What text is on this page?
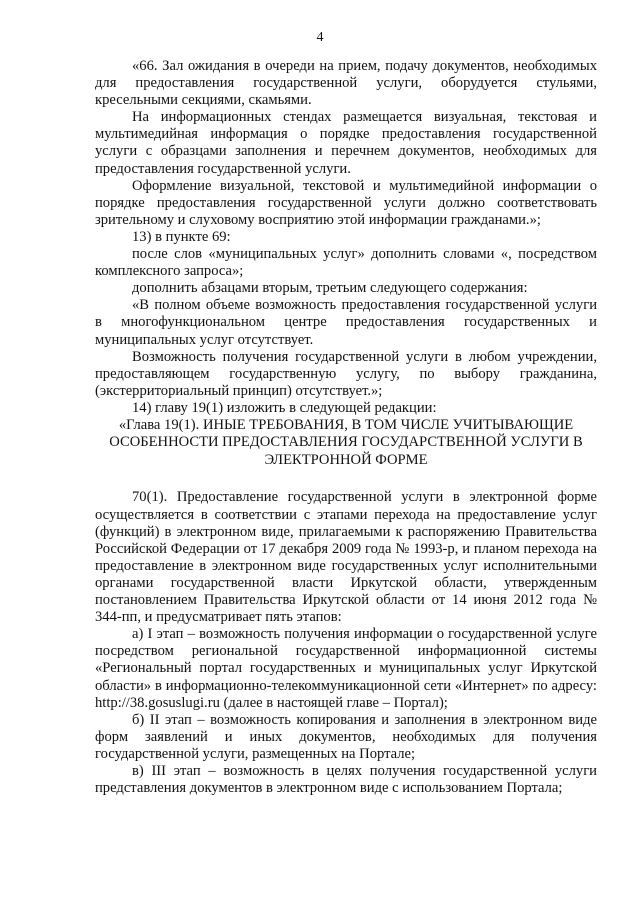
4

«66. Зал ожидания в очереди на прием, подачу документов, необходимых для предоставления государственной услуги, оборудуется стульями, кресельными секциями, скамьями.

На информационных стендах размещается визуальная, текстовая и мультимедийная информация о порядке предоставления государственной услуги с образцами заполнения и перечнем документов, необходимых для предоставления государственной услуги.

Оформление визуальной, текстовой и мультимедийной информации о порядке предоставления государственной услуги должно соответствовать зрительному и слуховому восприятию этой информации гражданами.»;

13) в пункте 69:

после слов «муниципальных услуг» дополнить словами «, посредством комплексного запроса»;

дополнить абзацами вторым, третьим следующего содержания:

«В полном объеме возможность предоставления государственной услуги в многофункциональном центре предоставления государственных и муниципальных услуг отсутствует.

Возможность получения государственной услуги в любом учреждении, предоставляющем государственную услугу, по выбору гражданина, (экстерриториальный принцип) отсутствует.»;

14) главу 19(1) изложить в следующей редакции:

«Глава 19(1). ИНЫЕ ТРЕБОВАНИЯ, В ТОМ ЧИСЛЕ УЧИТЫВАЮЩИЕ ОСОБЕННОСТИ ПРЕДОСТАВЛЕНИЯ ГОСУДАРСТВЕННОЙ УСЛУГИ В ЭЛЕКТРОННОЙ ФОРМЕ

70(1). Предоставление государственной услуги в электронной форме осуществляется в соответствии с этапами перехода на предоставление услуг (функций) в электронном виде, прилагаемыми к распоряжению Правительства Российской Федерации от 17 декабря 2009 года № 1993-р, и планом перехода на предоставление в электронном виде государственных услуг исполнительными органами государственной власти Иркутской области, утвержденным постановлением Правительства Иркутской области от 14 июня 2012 года № 344-пп, и предусматривает пять этапов:

а) I этап – возможность получения информации о государственной услуге посредством региональной государственной информационной системы «Региональный портал государственных и муниципальных услуг Иркутской области» в информационно-телекоммуникационной сети «Интернет» по адресу: http://38.gosuslugi.ru (далее в настоящей главе – Портал);

б) II этап – возможность копирования и заполнения в электронном виде форм заявлений и иных документов, необходимых для получения государственной услуги, размещенных на Портале;

в) III этап – возможность в целях получения государственной услуги представления документов в электронном виде с использованием Портала;
